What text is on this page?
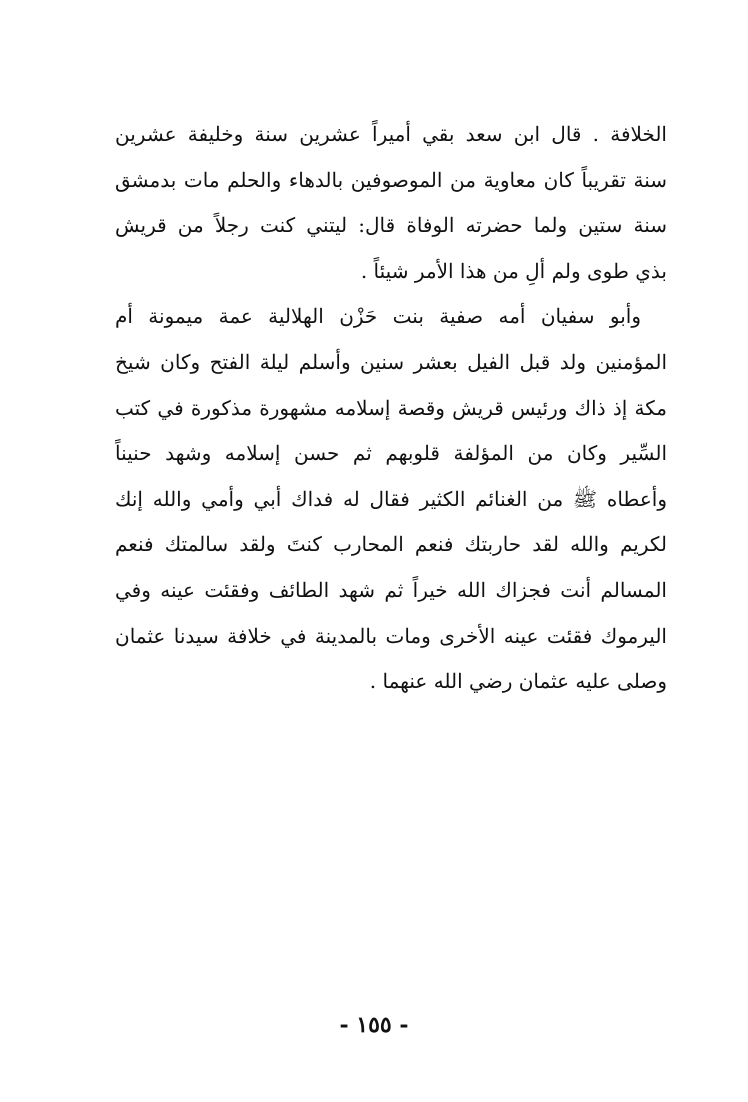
الخلافة . قال ابن سعد بقي أميراً عشرين سنة وخليفة عشرين
سنة تقريباً كان معاوية من الموصوفين بالدهاء والحلم مات بدمشق
سنة ستين ولما حضرته الوفاة قال: ليتني كنت رجلاً من قريش
بذي طوى ولم ألِ من هذا الأمر شيئاً .
وأبو سفيان أمه صفية بنت حَزْن الهلالية عمة ميمونة أم
المؤمنين ولد قبل الفيل بعشر سنين وأسلم ليلة الفتح وكان شيخ
مكة إذ ذاك ورئيس قريش وقصة إسلامه مشهورة مذكورة في كتب
السِّير وكان من المؤلفة قلوبهم ثم حسن إسلامه وشهد حنيناً
وأعطاه ﷺ من الغنائم الكثير فقال له فداك أبي وأمي والله إنك
لكريم والله لقد حاربتك فنعم المحارب كنتَ ولقد سالمتك فنعم
المسالم أنت فجزاك الله خيراً ثم شهد الطائف وفقئت عينه وفي
اليرموك فقئت عينه الأخرى ومات بالمدينة في خلافة سيدنا عثمان
وصلى عليه عثمان رضي الله عنهما .
- ١٥٥ -
